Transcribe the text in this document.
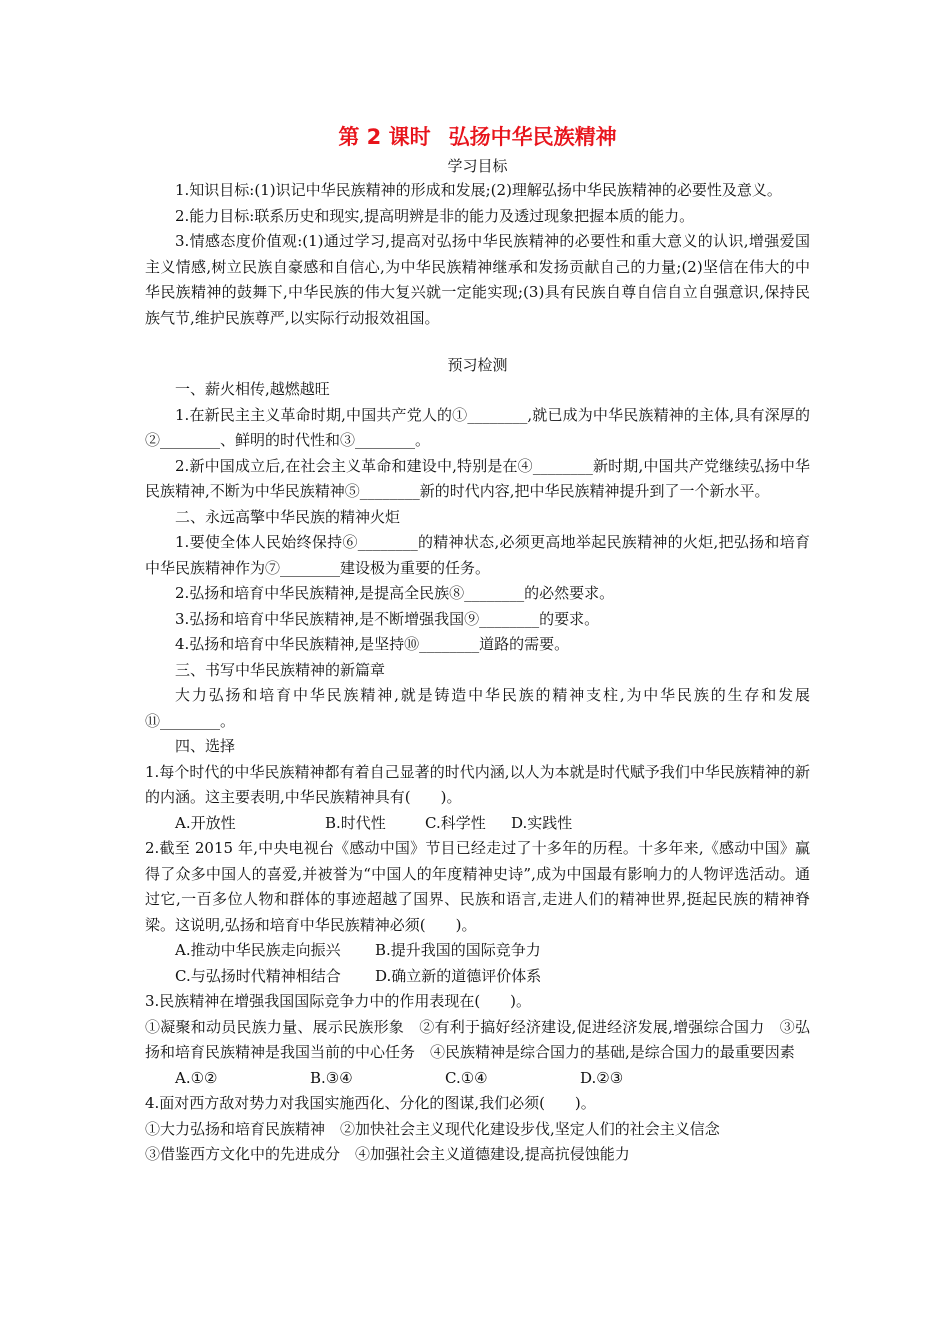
第 2 课时 弘扬中华民族精神
学习目标
1.知识目标:(1)识记中华民族精神的形成和发展;(2)理解弘扬中华民族精神的必要性及意义。
2.能力目标:联系历史和现实,提高明辨是非的能力及透过现象把握本质的能力。
3.情感态度价值观:(1)通过学习,提高对弘扬中华民族精神的必要性和重大意义的认识,增强爱国主义情感,树立民族自豪感和自信心,为中华民族精神继承和发扬贡献自己的力量;(2)坚信在伟大的中华民族精神的鼓舞下,中华民族的伟大复兴就一定能实现;(3)具有民族自尊自信自立自强意识,保持民族气节,维护民族尊严,以实际行动报效祖国。
预习检测
一、薪火相传,越燃越旺
1.在新民主主义革命时期,中国共产党人的①________,就已成为中华民族精神的主体,具有深厚的②________、鲜明的时代性和③________。
2.新中国成立后,在社会主义革命和建设中,特别是在④________新时期,中国共产党继续弘扬中华民族精神,不断为中华民族精神⑤________新的时代内容,把中华民族精神提升到了一个新水平。
二、永远高擎中华民族的精神火炬
1.要使全体人民始终保持⑥________的精神状态,必须更高地举起民族精神的火炬,把弘扬和培育中华民族精神作为⑦________建设极为重要的任务。
2.弘扬和培育中华民族精神,是提高全民族⑧________的必然要求。
3.弘扬和培育中华民族精神,是不断增强我国⑨________的要求。
4.弘扬和培育中华民族精神,是坚持⑩________道路的需要。
三、书写中华民族精神的新篇章
大力弘扬和培育中华民族精神,就是铸造中华民族的精神支柱,为中华民族的生存和发展⑪________。
四、选择
1.每个时代的中华民族精神都有着自己显著的时代内涵,以人为本就是时代赋予我们中华民族精神的新的内涵。这主要表明,中华民族精神具有(　　)。
A.开放性	B.时代性	C.科学性 D.实践性
2.截至 2015 年,中央电视台《感动中国》节目已经走过了十多年的历程。十多年来,《感动中国》赢得了众多中国人的喜爱,并被誉为“中国人的年度精神史诗”,成为中国最有影响力的人物评选活动。通过它,一百多位人物和群体的事迹超越了国界、民族和语言,走进人们的精神世界,挺起民族的精神脊梁。这说明,弘扬和培育中华民族精神必须(　　)。
A.推动中华民族走向振兴 B.提升我国的国际竞争力
C.与弘扬时代精神相结合 D.确立新的道德评价体系
3.民族精神在增强我国国际竞争力中的作用表现在(　　)。
①凝聚和动员民族力量、展示民族形象　②有利于搞好经济建设,促进经济发展,增强综合国力　③弘扬和培育民族精神是我国当前的中心任务　④民族精神是综合国力的基础,是综合国力的最重要因素
A.①②	B.③④	C.①④	D.②③
4.面对西方敌对势力对我国实施西化、分化的图谋,我们必须(　　)。
①大力弘扬和培育民族精神　②加快社会主义现代化建设步伐,坚定人们的社会主义信念
③借鉴西方文化中的先进成分　④加强社会主义道德建设,提高抗侵蚀能力
